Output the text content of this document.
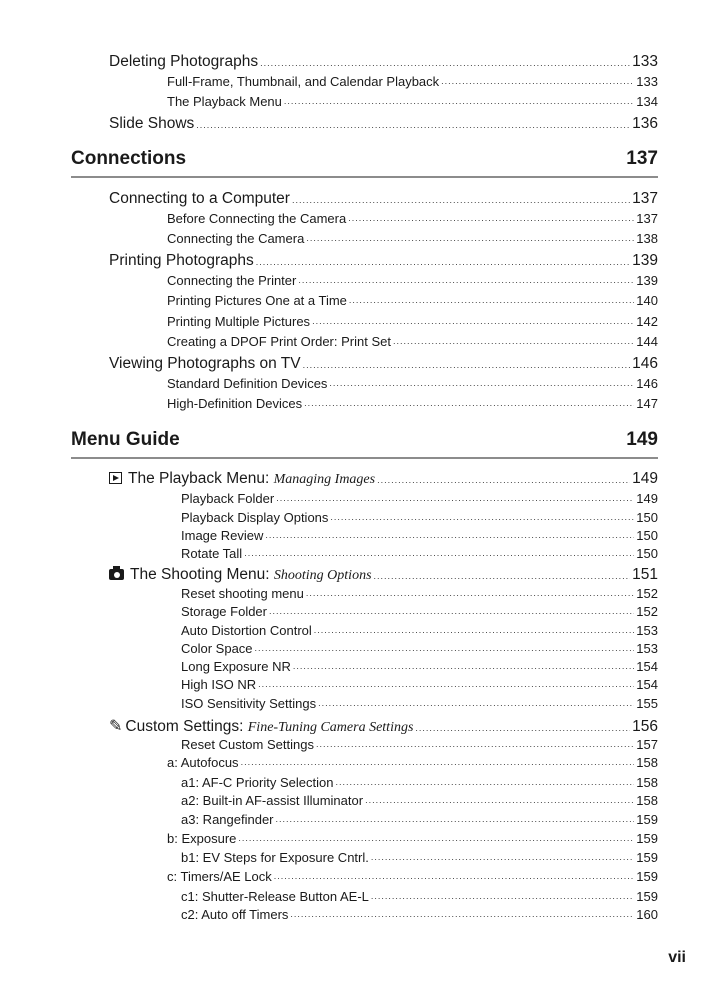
Deleting Photographs .....	133
Full-Frame, Thumbnail, and Calendar Playback .....	133
The Playback Menu .....	134
Slide Shows .....	136
Connections	137
Connecting to a Computer .....	137
Before Connecting the Camera .....	137
Connecting the Camera .....	138
Printing Photographs .....	139
Connecting the Printer .....	139
Printing Pictures One at a Time .....	140
Printing Multiple Pictures .....	142
Creating a DPOF Print Order: Print Set .....	144
Viewing Photographs on TV .....	146
Standard Definition Devices .....	146
High-Definition Devices .....	147
Menu Guide	149
The Playback Menu: Managing Images .....	149
Playback Folder .....	149
Playback Display Options .....	150
Image Review .....	150
Rotate Tall .....	150
The Shooting Menu: Shooting Options .....	151
Reset shooting menu .....	152
Storage Folder .....	152
Auto Distortion Control .....	153
Color Space .....	153
Long Exposure NR .....	154
High ISO NR .....	154
ISO Sensitivity Settings .....	155
✎ Custom Settings: Fine-Tuning Camera Settings .....	156
Reset Custom Settings .....	157
a: Autofocus .....	158
a1: AF-C Priority Selection .....	158
a2: Built-in AF-assist Illuminator .....	158
a3: Rangefinder .....	159
b: Exposure .....	159
b1: EV Steps for Exposure Cntrl. .....	159
c: Timers/AE Lock .....	159
c1: Shutter-Release Button AE-L .....	159
c2: Auto off Timers .....	160
vii
